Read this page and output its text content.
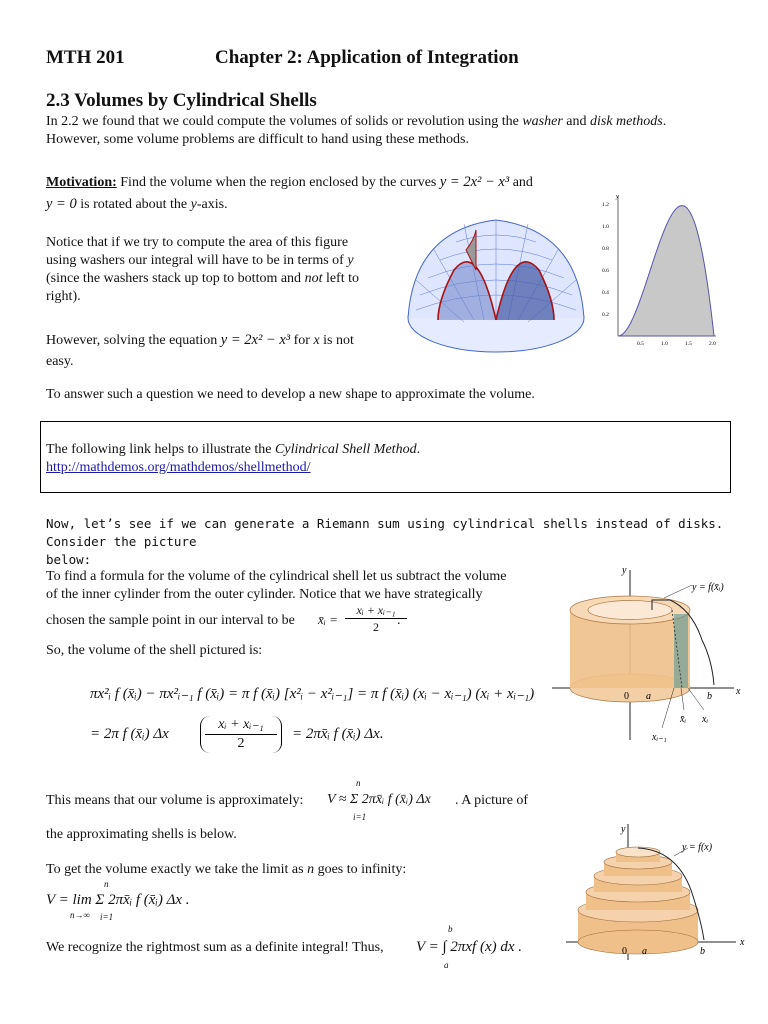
MTH 201	Chapter 2: Application of Integration
2.3 Volumes by Cylindrical Shells
In 2.2 we found that we could compute the volumes of solids or revolution using the washer and disk methods.
However, some volume problems are difficult to hand using these methods.
Motivation: Find the volume when the region enclosed by the curves y = 2x² − x³ and
y = 0 is rotated about the y-axis.
Notice that if we try to compute the area of this figure
using washers our integral will have to be in terms of y
(since the washers stack up top to bottom and not left to
right).
However, solving the equation y = 2x² − x³ for x is not
easy.
To answer such a question we need to develop a new shape to approximate the volume.
The following link helps to illustrate the Cylindrical Shell Method.
http://mathdemos.org/mathdemos/shellmethod/
Now, let’s see if we can generate a Riemann sum using cylindrical shells instead of disks. Consider the picture
below:
To find a formula for the volume of the cylindrical shell let us subtract the volume
of the inner cylinder from the outer cylinder. Notice that we have strategically
chosen the sample point in our interval to be x̄ᵢ =
xᵢ + xᵢ₋₁
2	.
So, the volume of the shell pictured is:
πx²ᵢ f (x̄ᵢ) − πx²ᵢ₋₁ f (x̄ᵢ) = π f (x̄ᵢ) [x²ᵢ − x²ᵢ₋₁] = π f (x̄ᵢ) (xᵢ − xᵢ₋₁) (xᵢ + xᵢ₋₁)
= 2π f (x̄ᵢ) Δx
xᵢ + xᵢ₋₁
2
= 2πx̄ᵢ f (x̄ᵢ) Δx.
This means that our volume is approximately:
n
V ≈ Σ 2πx̄ᵢ f (x̄ᵢ) Δx
i=1
. A picture of
the approximating shells is below.
To get the volume exactly we take the limit as n goes to infinity:
n
V = lim Σ 2πx̄ᵢ f (x̄ᵢ) Δx .
n→∞ i=1
We recognize the rightmost sum as a definite integral! Thus,
b
V = ∫ 2πxf (x) dx .
a
1.2
1.0
0.8
0.6
0.4
0.2
0.5	1.0	1.5	2.0
y
y
x
y = f(x̄ᵢ)
0 a	b
xᵢ₋₁
x̄ᵢ xᵢ
y
x
y = f(x)
0 a	b
